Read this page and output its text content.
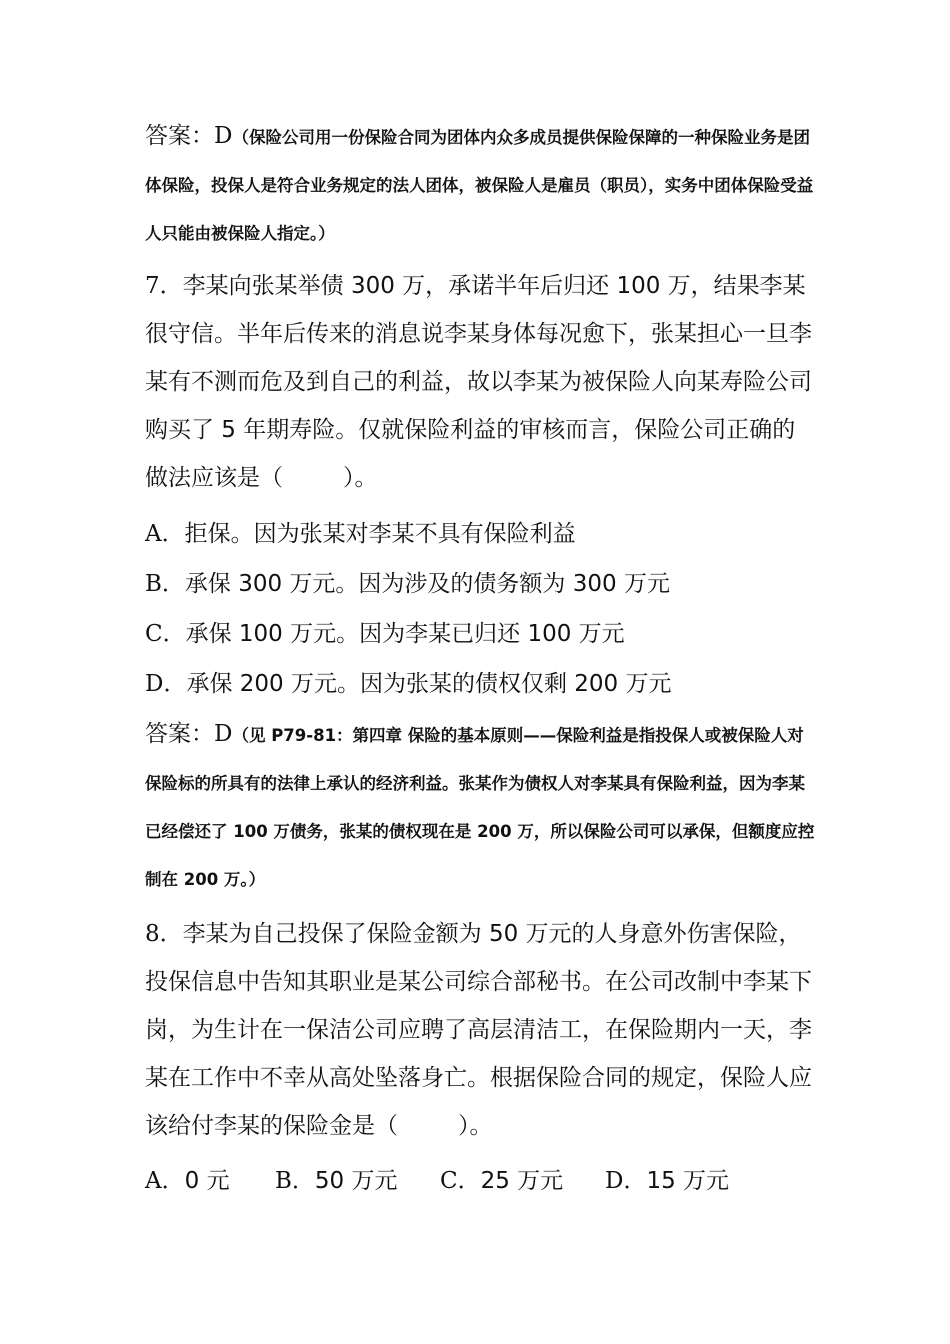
答案：D（保险公司用一份保险合同为团体内众多成员提供保险保障的一种保险业务是团体保险，投保人是符合业务规定的法人团体，被保险人是雇员（职员），实务中团体保险受益人只能由被保险人指定。）
7．李某向张某举债 300 万，承诺半年后归还 100 万，结果李某很守信。半年后传来的消息说李某身体每况愈下，张某担心一旦李某有不测而危及到自己的利益，故以李某为被保险人向某寿险公司购买了 5 年期寿险。仅就保险利益的审核而言，保险公司正确的做法应该是（	）。
A．拒保。因为张某对李某不具有保险利益
B．承保 300 万元。因为涉及的债务额为 300 万元
C．承保 100 万元。因为李某已归还 100 万元
D．承保 200 万元。因为张某的债权仅剩 200 万元
答案：D（见 P79-81：第四章 保险的基本原则——保险利益是指投保人或被保险人对保险标的所具有的法律上承认的经济利益。张某作为债权人对李某具有保险利益，因为李某已经偿还了 100 万债务，张某的债权现在是 200 万，所以保险公司可以承保，但额度应控制在 200 万。）
8．李某为自己投保了保险金额为 50 万元的人身意外伤害保险，投保信息中告知其职业是某公司综合部秘书。在公司改制中李某下岗，为生计在一保洁公司应聘了高层清洁工，在保险期内一天，李某在工作中不幸从高处坠落身亡。根据保险合同的规定，保险人应该给付李某的保险金是（	）。
A．0 元 B．50 万元 C．25 万元 D．15 万元
